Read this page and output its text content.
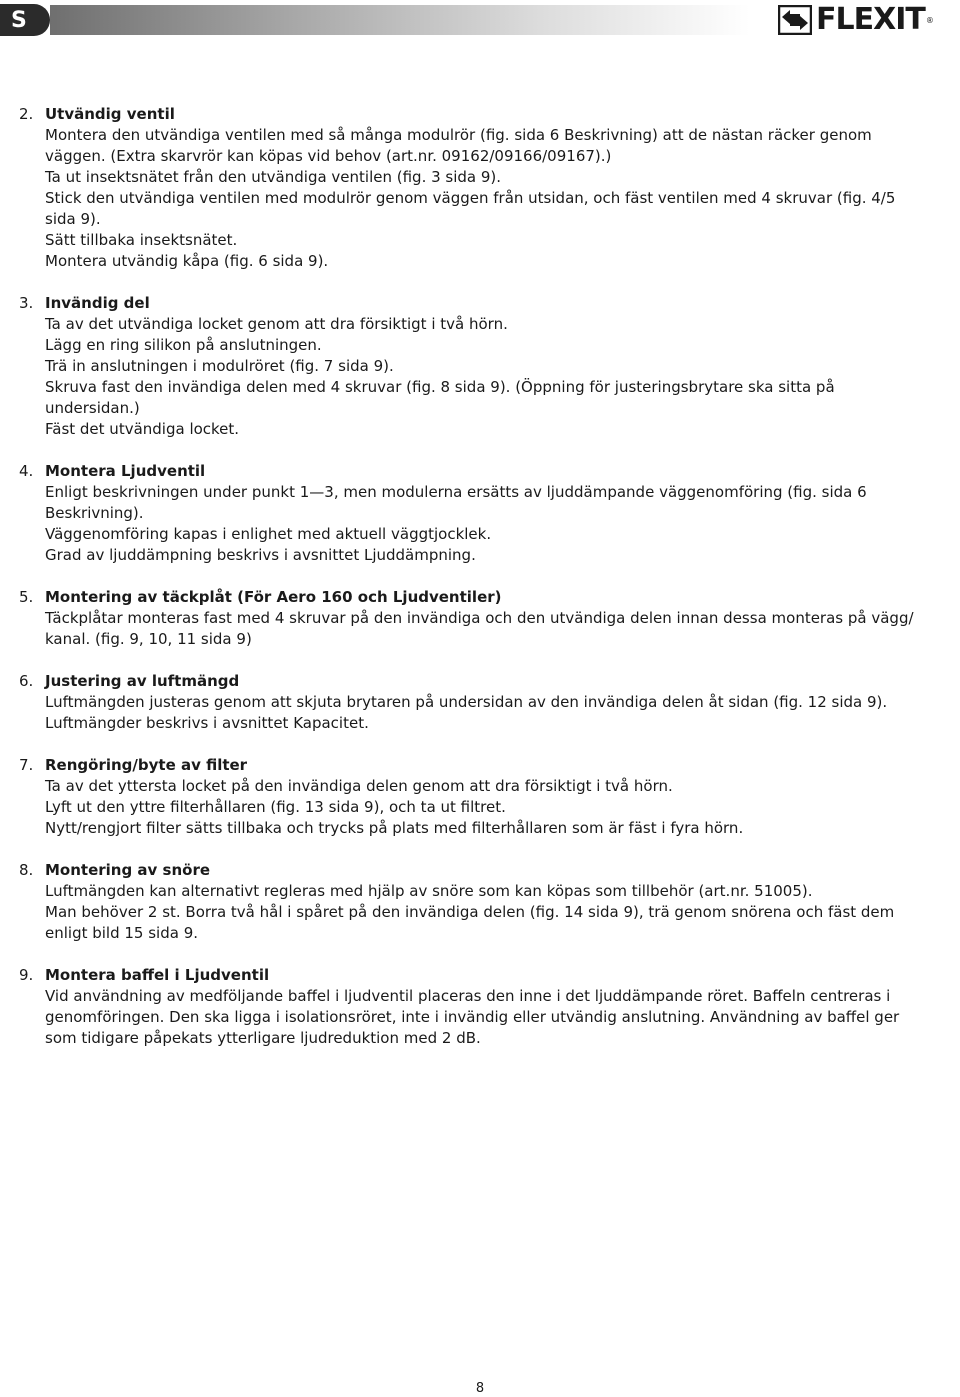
S	FLEXIT ®
2. Utvändig ventil
Montera den utvändiga ventilen med så många modulrör (fig. sida 6 Beskrivning) att de nästan räcker genom
väggen. (Extra skarvrör kan köpas vid behov (art.nr. 09162/09166/09167).)
Ta ut insektsnätet från den utvändiga ventilen (fig. 3 sida 9).
Stick den utvändiga ventilen med modulrör genom väggen från utsidan, och fäst ventilen med 4 skruvar (fig. 4/5
sida 9).
Sätt tillbaka insektsnätet.
Montera utvändig kåpa (fig. 6 sida 9).
3. Invändig del
Ta av det utvändiga locket genom att dra försiktigt i två hörn.
Lägg en ring silikon på anslutningen.
Trä in anslutningen i modulröret (fig. 7 sida 9).
Skruva fast den invändiga delen med 4 skruvar (fig. 8 sida 9). (Öppning för justeringsbrytare ska sitta på
undersidan.)
Fäst det utvändiga locket.
4. Montera Ljudventil
Enligt beskrivningen under punkt 1—3, men modulerna ersätts av ljuddämpande väggenomföring (fig. sida 6
Beskrivning).
Väggenomföring kapas i enlighet med aktuell väggtjocklek.
Grad av ljuddämpning beskrivs i avsnittet Ljuddämpning.
5. Montering av täckplåt (För Aero 160 och Ljudventiler)
Täckplåtar monteras fast med 4 skruvar på den invändiga och den utvändiga delen innan dessa monteras på vägg/
kanal. (fig. 9, 10, 11 sida 9)
6. Justering av luftmängd
Luftmängden justeras genom att skjuta brytaren på undersidan av den invändiga delen åt sidan (fig. 12 sida 9).
Luftmängder beskrivs i avsnittet Kapacitet.
7. Rengöring/byte av filter
Ta av det yttersta locket på den invändiga delen genom att dra försiktigt i två hörn.
Lyft ut den yttre filterhållaren (fig. 13 sida 9), och ta ut filtret.
Nytt/rengjort filter sätts tillbaka och trycks på plats med filterhållaren som är fäst i fyra hörn.
8. Montering av snöre
Luftmängden kan alternativt regleras med hjälp av snöre som kan köpas som tillbehör (art.nr. 51005).
Man behöver 2 st. Borra två hål i spåret på den invändiga delen (fig. 14 sida 9), trä genom snörena och fäst dem
enligt bild 15 sida 9.
9. Montera baffel i Ljudventil
Vid användning av medföljande baffel i ljudventil placeras den inne i det ljuddämpande röret. Baffeln centreras i
genomföringen. Den ska ligga i isolationsröret, inte i invändig eller utvändig anslutning. Användning av baffel ger
som tidigare påpekats ytterligare ljudreduktion med 2 dB.
8
